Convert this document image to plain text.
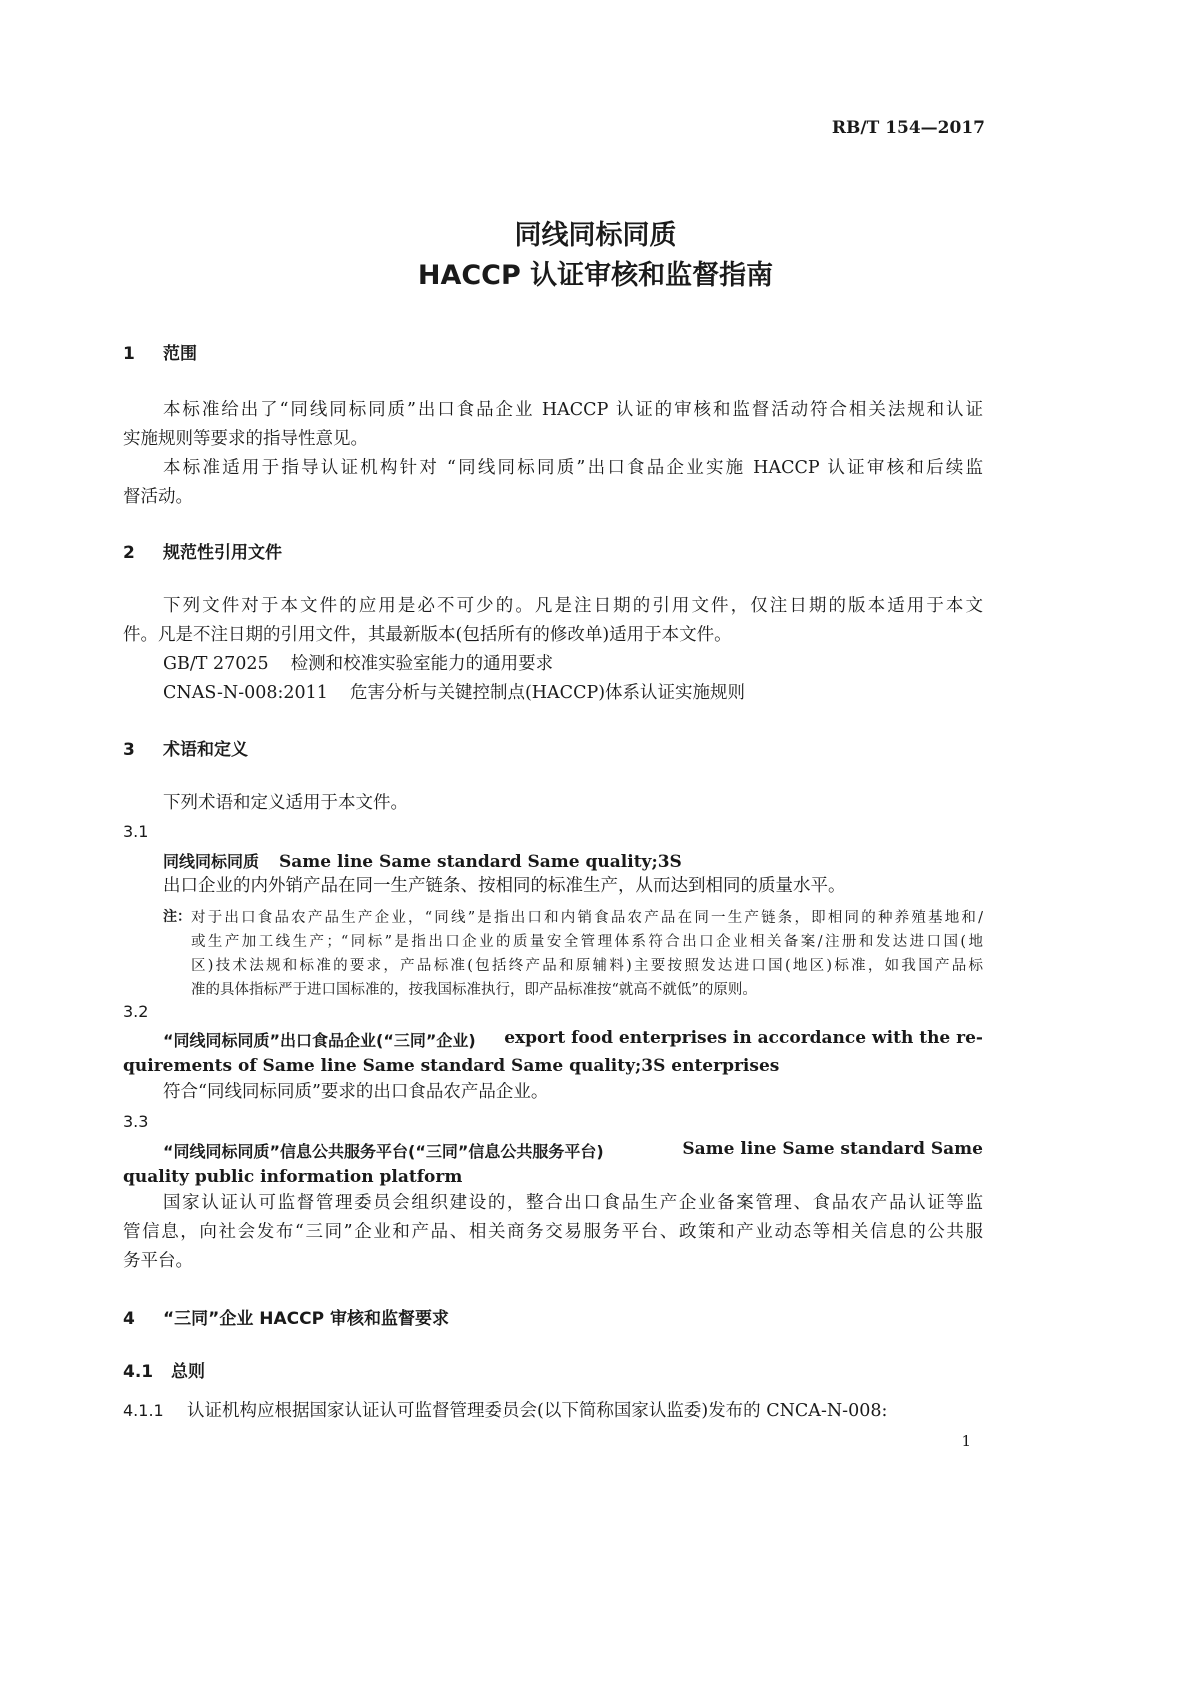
RB/T 154—2017
同线同标同质
HACCP 认证审核和监督指南
1 范围
本标准给出了“同线同标同质”出口食品企业 HACCP 认证的审核和监督活动符合相关法规和认证
实施规则等要求的指导性意见。
本标准适用于指导认证机构针对 “同线同标同质”出口食品企业实施 HACCP 认证审核和后续监
督活动。
2 规范性引用文件
下列文件对于本文件的应用是必不可少的。凡是注日期的引用文件，仅注日期的版本适用于本文
件。凡是不注日期的引用文件，其最新版本(包括所有的修改单)适用于本文件。
GB/T 27025 检测和校准实验室能力的通用要求
CNAS-N-008:2011 危害分析与关键控制点(HACCP)体系认证实施规则
3 术语和定义
下列术语和定义适用于本文件。
3.1
同线同标同质 Same line Same standard Same quality;3S
出口企业的内外销产品在同一生产链条、按相同的标准生产，从而达到相同的质量水平。
注： 对于出口食品农产品生产企业，“同线”是指出口和内销食品农产品在同一生产链条，即相同的种养殖基地和/
或生产加工线生产；“同标”是指出口企业的质量安全管理体系符合出口企业相关备案/注册和发达进口国(地
区)技术法规和标准的要求，产品标准(包括终产品和原辅料)主要按照发达进口国(地区)标准，如我国产品标
准的具体指标严于进口国标准的，按我国标准执行，即产品标准按“就高不就低”的原则。
3.2
“同线同标同质”出口食品企业(“三同”企业) export food enterprises in accordance with the re-
quirements of Same line Same standard Same quality;3S enterprises
符合“同线同标同质”要求的出口食品农产品企业。
3.3
“同线同标同质”信息公共服务平台(“三同”信息公共服务平台)	Same line Same standard Same
quality public information platform
国家认证认可监督管理委员会组织建设的，整合出口食品生产企业备案管理、食品农产品认证等监
管信息，向社会发布“三同”企业和产品、相关商务交易服务平台、政策和产业动态等相关信息的公共服
务平台。
4 “三同”企业 HACCP 审核和监督要求
4.1 总则
4.1.1 认证机构应根据国家认证认可监督管理委员会(以下简称国家认监委)发布的 CNCA-N-008:
1
